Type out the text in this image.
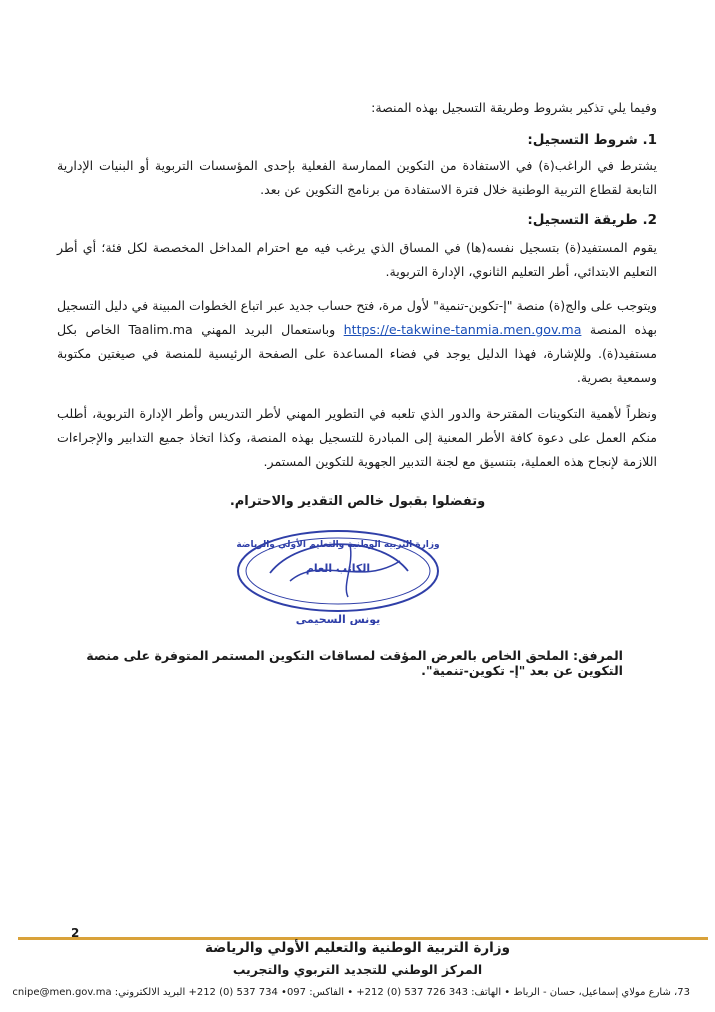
وفيما يلي تذكير بشروط وطريقة التسجيل بهذه المنصة:

1. شروط التسجيل:

يشترط في الراغب(ة) في الاستفادة من التكوين الممارسة الفعلية بإحدى المؤسسات التربوية أو البنيات الإدارية التابعة لقطاع التربية الوطنية خلال فترة الاستفادة من برنامج التكوين عن بعد.

2. طريقة التسجيل:

يقوم المستفيد(ة) بتسجيل نفسه(ها) في المساق الذي يرغب فيه مع احترام المداخل المخصصة لكل فئة؛ أي أطر التعليم الابتدائي، أطر التعليم الثانوي، الإدارة التربوية.

ويتوجب على والج(ة) منصة "إ-تكوين-تنمية" لأول مرة، فتح حساب جديد عبر اتباع الخطوات المبينة في دليل التسجيل بهذه المنصة https://e-takwine-tanmia.men.gov.ma وباستعمال البريد المهني Taalim.ma الخاص بكل مستفيد(ة). وللإشارة، فهذا الدليل يوجد في فضاء المساعدة على الصفحة الرئيسية للمنصة في صيغتين مكتوبة وسمعية بصرية.

ونظراً لأهمية التكوينات المقترحة والدور الذي تلعبه في التطوير المهني لأطر التدريس وأطر الإدارة التربوية، أطلب منكم العمل على دعوة كافة الأطر المعنية إلى المبادرة للتسجيل بهذه المنصة، وكذا اتخاذ جميع التدابير والإجراءات اللازمة لإنجاح هذه العملية، بتنسيق مع لجنة التدبير الجهوية للتكوين المستمر.

وتفضلوا بقبول خالص التقدير والاحترام.
وزارة التربية الوطنية والتعليم الأولي والرياضة
الكاتب العام
يونس السحيمي
المرفق: الملحق الخاص بالعرض المؤقت لمساقات التكوين المستمر المتوفرة على منصة التكوين عن بعد "إ- تكوين-تنمية".
2
وزارة التربية الوطنية والتعليم الأولي والرياضة
المركز الوطني للتجديد التربوي والتجريب
73، شارع مولاي إسماعيل، حسان - الرباط • الهاتف: 343 726 537 (0) 212+ • الفاكس: 097• 734 537 (0) 212+ البريد الالكتروني: cnipe@men.gov.ma
